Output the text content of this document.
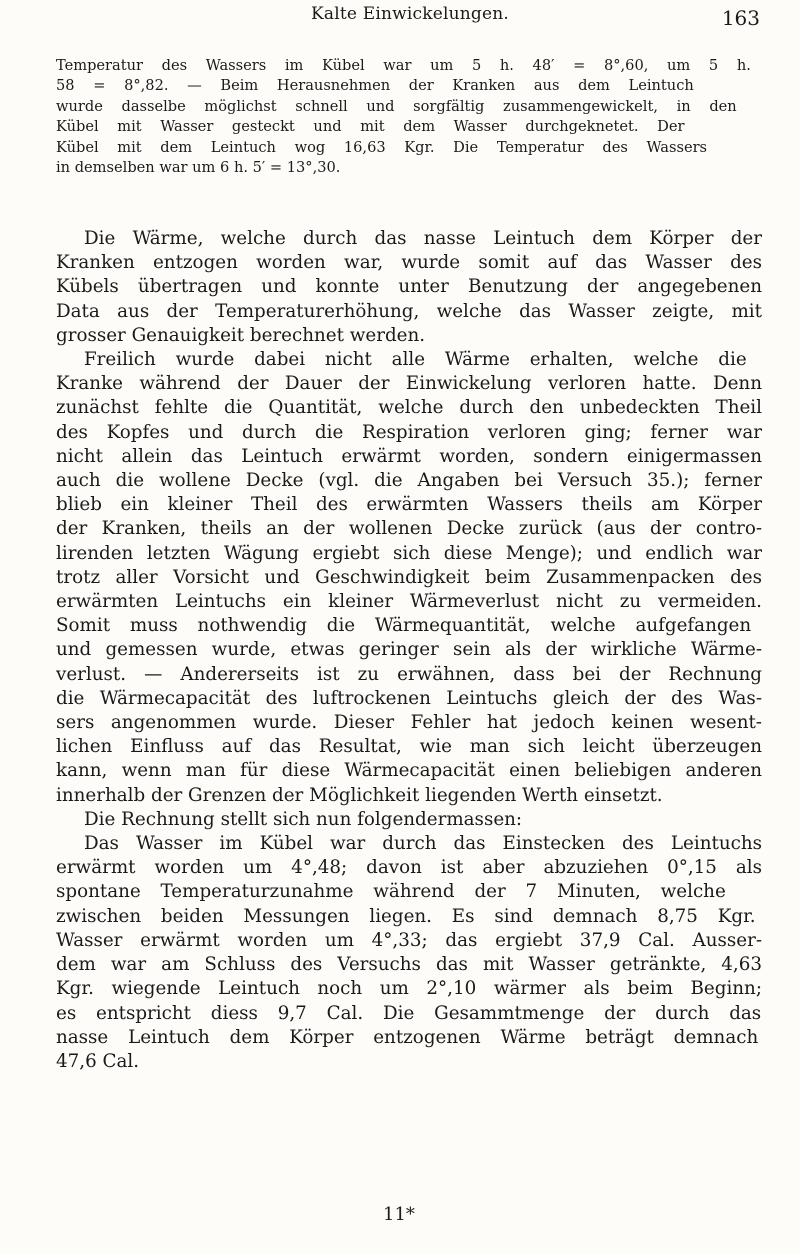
Kalte Einwickelungen.	163
Temperatur des Wassers im Kübel war um 5 h. 48′ = 8°,60, um 5 h.
58 = 8°,82. — Beim Herausnehmen der Kranken aus dem Leintuch
wurde dasselbe möglichst schnell und sorgfältig zusammengewickelt, in den
Kübel mit Wasser gesteckt und mit dem Wasser durchgeknetet. Der
Kübel mit dem Leintuch wog 16,63 Kgr. Die Temperatur des Wassers
in demselben war um 6 h. 5′ = 13°,30.
Die Wärme, welche durch das nasse Leintuch dem Körper der
Kranken entzogen worden war, wurde somit auf das Wasser des
Kübels übertragen und konnte unter Benutzung der angegebenen
Data aus der Temperaturerhöhung, welche das Wasser zeigte, mit
grosser Genauigkeit berechnet werden.
Freilich wurde dabei nicht alle Wärme erhalten, welche die
Kranke während der Dauer der Einwickelung verloren hatte. Denn
zunächst fehlte die Quantität, welche durch den unbedeckten Theil
des Kopfes und durch die Respiration verloren ging; ferner war
nicht allein das Leintuch erwärmt worden, sondern einigermassen
auch die wollene Decke (vgl. die Angaben bei Versuch 35.); ferner
blieb ein kleiner Theil des erwärmten Wassers theils am Körper
der Kranken, theils an der wollenen Decke zurück (aus der contro-
lirenden letzten Wägung ergiebt sich diese Menge); und endlich war
trotz aller Vorsicht und Geschwindigkeit beim Zusammenpacken des
erwärmten Leintuchs ein kleiner Wärmeverlust nicht zu vermeiden.
Somit muss nothwendig die Wärmequantität, welche aufgefangen
und gemessen wurde, etwas geringer sein als der wirkliche Wärme-
verlust. — Andererseits ist zu erwähnen, dass bei der Rechnung
die Wärmecapacität des luftrockenen Leintuchs gleich der des Was-
sers angenommen wurde. Dieser Fehler hat jedoch keinen wesent-
lichen Einfluss auf das Resultat, wie man sich leicht überzeugen
kann, wenn man für diese Wärmecapacität einen beliebigen anderen
innerhalb der Grenzen der Möglichkeit liegenden Werth einsetzt.
Die Rechnung stellt sich nun folgendermassen:
Das Wasser im Kübel war durch das Einstecken des Leintuchs
erwärmt worden um 4°,48; davon ist aber abzuziehen 0°,15 als
spontane Temperaturzunahme während der 7 Minuten, welche
zwischen beiden Messungen liegen. Es sind demnach 8,75 Kgr.
Wasser erwärmt worden um 4°,33; das ergiebt 37,9 Cal. Ausser-
dem war am Schluss des Versuchs das mit Wasser getränkte, 4,63
Kgr. wiegende Leintuch noch um 2°,10 wärmer als beim Beginn;
es entspricht diess 9,7 Cal. Die Gesammtmenge der durch das
nasse Leintuch dem Körper entzogenen Wärme beträgt demnach
47,6 Cal.
11*
